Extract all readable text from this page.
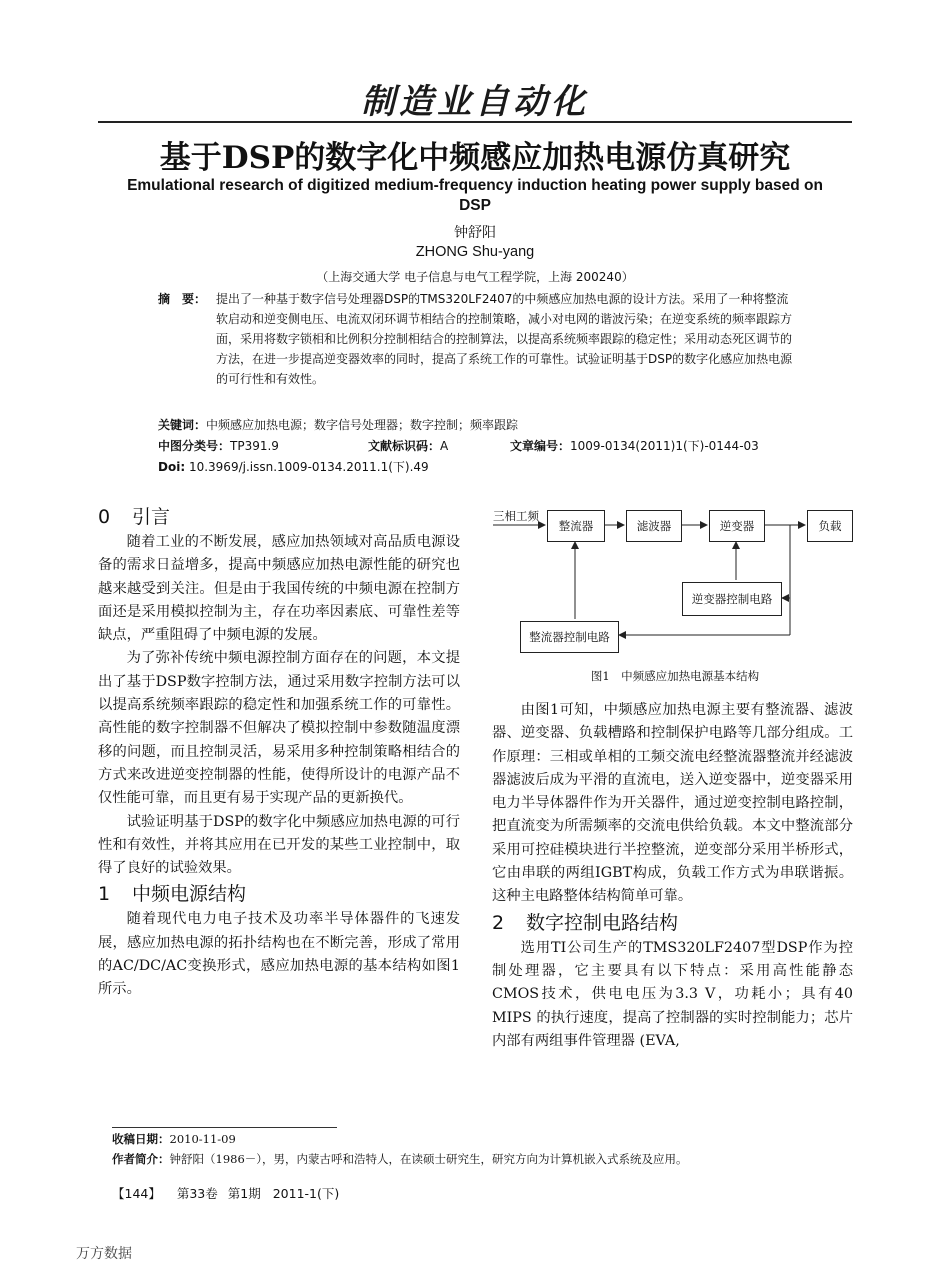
制造业自动化
基于DSP的数字化中频感应加热电源仿真研究
Emulational research of digitized medium-frequency induction heating power supply based on DSP
钟舒阳
ZHONG Shu-yang
（上海交通大学 电子信息与电气工程学院，上海 200240）
摘　要： 提出了一种基于数字信号处理器DSP的TMS320LF2407的中频感应加热电源的设计方法。采用了一种将整流软启动和逆变侧电压、电流双闭环调节相结合的控制策略，减小对电网的谐波污染；在逆变系统的频率跟踪方面，采用将数字锁相和比例积分控制相结合的控制算法，以提高系统频率跟踪的稳定性；采用动态死区调节的方法，在进一步提高逆变器效率的同时，提高了系统工作的可靠性。试验证明基于DSP的数字化感应加热电源的可行性和有效性。
关键词：中频感应加热电源；数字信号处理器；数字控制；频率跟踪
中图分类号：TP391.9	文献标识码：A	文章编号：1009-0134(2011)1(下)-0144-03
Doi: 10.3969/j.issn.1009-0134.2011.1(下).49
0 引言

随着工业的不断发展，感应加热领域对高品质电源设备的需求日益增多，提高中频感应加热电源性能的研究也越来越受到关注。但是由于我国传统的中频电源在控制方面还是采用模拟控制为主，存在功率因素底、可靠性差等缺点，严重阻碍了中频电源的发展。

为了弥补传统中频电源控制方面存在的问题，本文提出了基于DSP数字控制方法，通过采用数字控制方法可以以提高系统频率跟踪的稳定性和加强系统工作的可靠性。高性能的数字控制器不但解决了模拟控制中参数随温度漂移的问题，而且控制灵活，易采用多种控制策略相结合的方式来改进逆变控制器的性能，使得所设计的电源产品不仅性能可靠，而且更有易于实现产品的更新换代。

试验证明基于DSP的数字化中频感应加热电源的可行性和有效性，并将其应用在已开发的某些工业控制中，取得了良好的试验效果。

1 中频电源结构

随着现代电力电子技术及功率半导体器件的飞速发展，感应加热电源的拓扑结构也在不断完善，形成了常用的AC/DC/AC变换形式，感应加热电源的基本结构如图1所示。

三相工频
整流器	滤波器	逆变器	负载
逆变器控制电路
整流器控制电路
图1　中频感应加热电源基本结构

由图1可知，中频感应加热电源主要有整流器、滤波器、逆变器、负载槽路和控制保护电路等几部分组成。工作原理：三相或单相的工频交流电经整流器整流并经滤波器滤波后成为平滑的直流电，送入逆变器中，逆变器采用电力半导体器件作为开关器件，通过逆变控制电路控制，把直流变为所需频率的交流电供给负载。本文中整流部分采用可控硅模块进行半控整流，逆变部分采用半桥形式，它由串联的两组IGBT构成，负载工作方式为串联谐振。这种主电路整体结构简单可靠。

2 数字控制电路结构

选用TI公司生产的TMS320LF2407型DSP作为控制处理器，它主要具有以下特点：采用高性能静态CMOS技术，供电电压为3.3 V，功耗小；具有40 MIPS 的执行速度，提高了控制器的实时控制能力；芯片内部有两组事件管理器 (EVA,

收稿日期：2010-11-09
作者简介：钟舒阳（1986－），男，内蒙古呼和浩特人，在读硕士研究生，研究方向为计算机嵌入式系统及应用。
【144】 第33卷 第1期 2011-1(下)
万方数据
